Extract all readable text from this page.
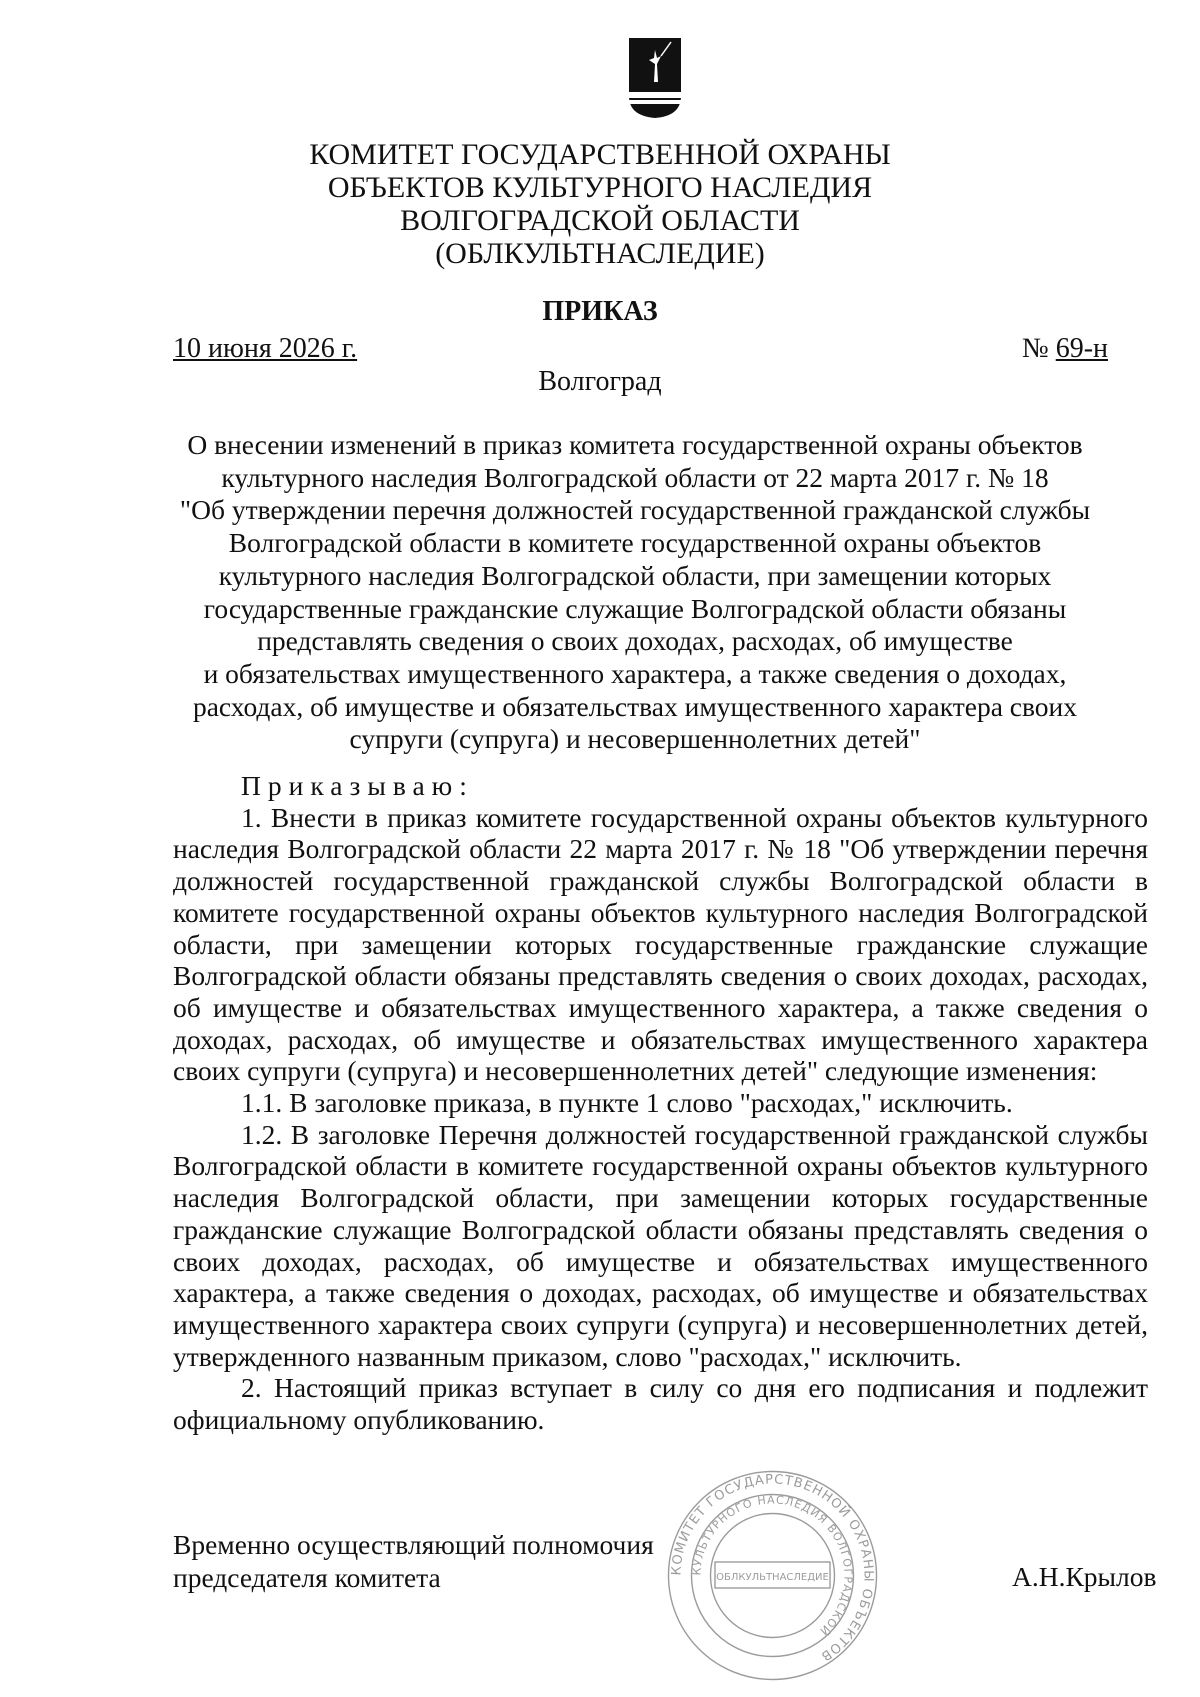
КОМИТЕТ ГОСУДАРСТВЕННОЙ ОХРАНЫ
ОБЪЕКТОВ КУЛЬТУРНОГО НАСЛЕДИЯ
ВОЛГОГРАДСКОЙ ОБЛАСТИ
(ОБЛКУЛЬТНАСЛЕДИЕ)
ПРИКАЗ
10 июня 2026 г.	№ 69-н
Волгоград
О внесении изменений в приказ комитета государственной охраны объектов
культурного наследия Волгоградской области от 22 марта 2017 г. № 18
"Об утверждении перечня должностей государственной гражданской службы
Волгоградской области в комитете государственной охраны объектов
культурного наследия Волгоградской области, при замещении которых
государственные гражданские служащие Волгоградской области обязаны
представлять сведения о своих доходах, расходах, об имуществе
и обязательствах имущественного характера, а также сведения о доходах,
расходах, об имуществе и обязательствах имущественного характера своих
супруги (супруга) и несовершеннолетних детей"

Приказываю:

1. Внести в приказ комитете государственной охраны объектов культурного наследия Волгоградской области 22 марта 2017 г. № 18 "Об утверждении перечня должностей государственной гражданской службы Волгоградской области в комитете государственной охраны объектов культурного наследия Волгоградской области, при замещении которых государственные гражданские служащие Волгоградской области обязаны представлять сведения о своих доходах, расходах, об имуществе и обязательствах имущественного характера, а также сведения о доходах, расходах, об имуществе и обязательствах имущественного характера своих супруги (супруга) и несовершеннолетних детей" следующие изменения:

1.1. В заголовке приказа, в пункте 1 слово "расходах," исключить.

1.2. В заголовке Перечня должностей государственной гражданской службы Волгоградской области в комитете государственной охраны объектов культурного наследия Волгоградской области, при замещении которых государственные гражданские служащие Волгоградской области обязаны представлять сведения о своих доходах, расходах, об имуществе и обязательствах имущественного характера, а также сведения о доходах, расходах, об имуществе и обязательствах имущественного характера своих супруги (супруга) и несовершеннолетних детей, утвержденного названным приказом, слово "расходах," исключить.

2. Настоящий приказ вступает в силу со дня его подписания и подлежит официальному опубликованию.

КОМИТЕТ ГОСУДАРСТВЕННОЙ ОХРАНЫ ОБЪЕКТОВ
КУЛЬТУРНОГО НАСЛЕДИЯ ВОЛГОГРАДСКОЙ
ОБЛКУЛЬТНАСЛЕДИЕ
Временно осуществляющий полномочия
председателя комитета	А.Н.Крылов
